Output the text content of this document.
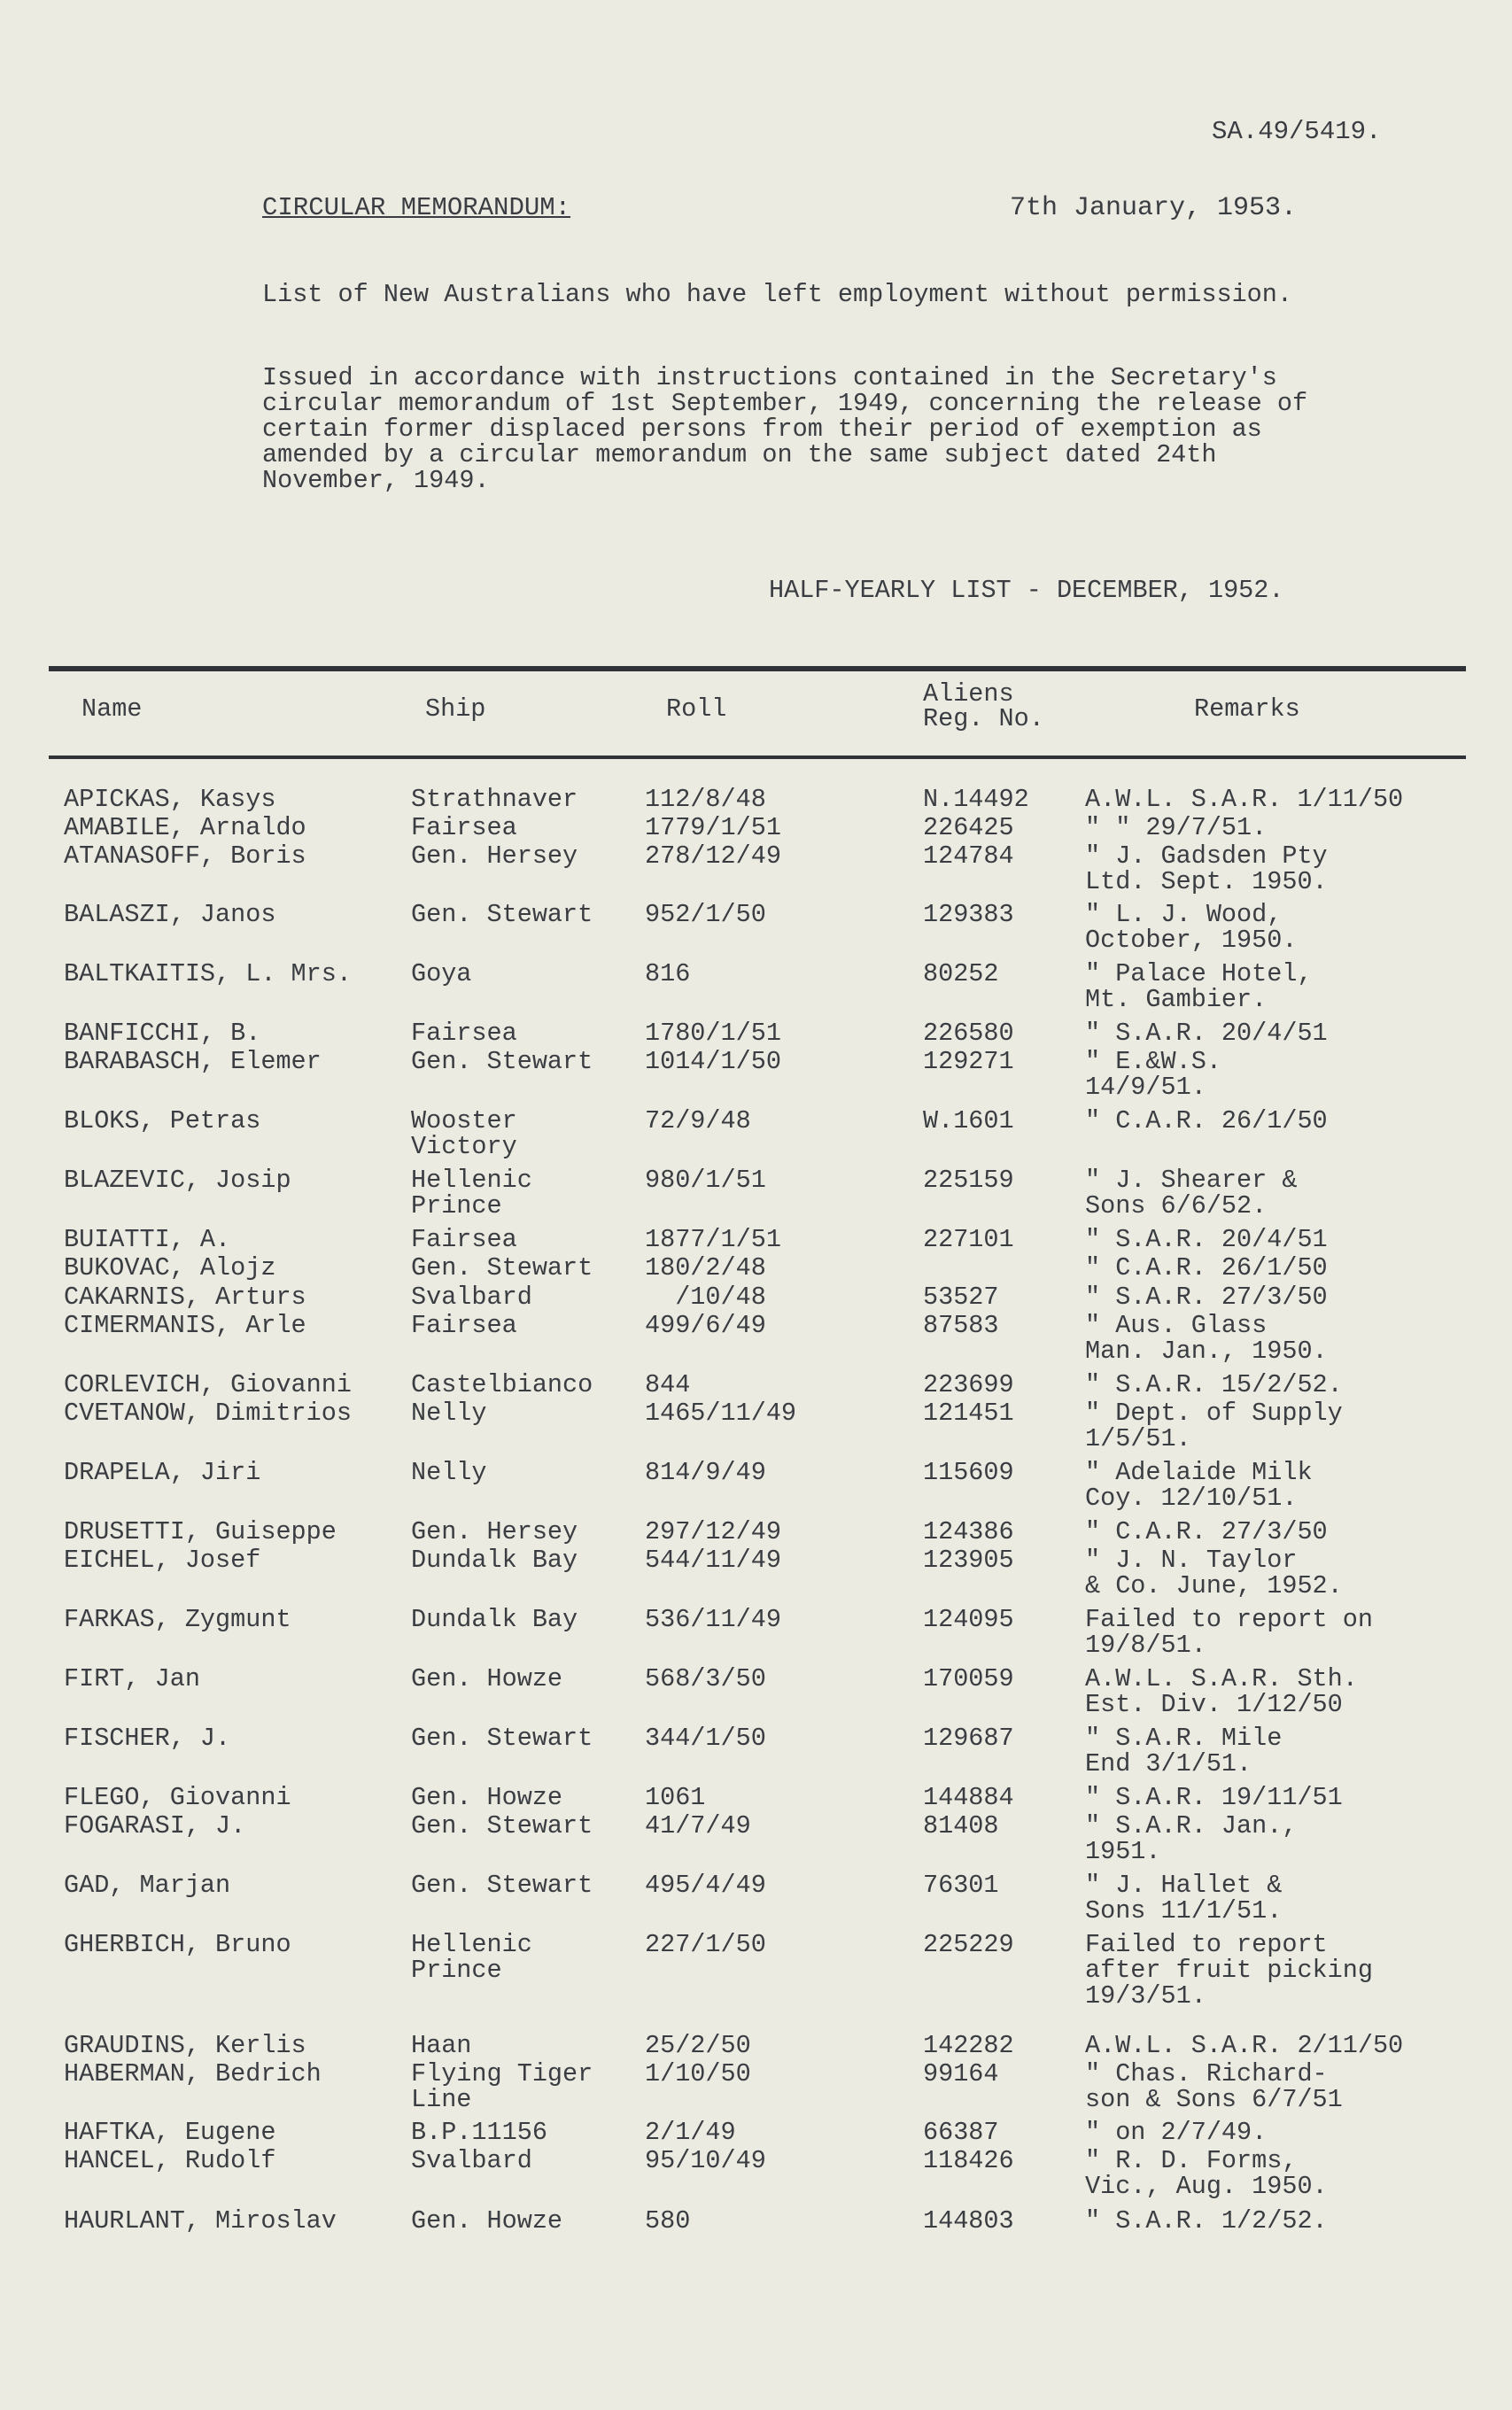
SA.49/5419.
CIRCULAR MEMORANDUM:	7th January, 1953.

List of New Australians who have left employment without permission.

Issued in accordance with instructions contained in the Secretary's circular memorandum of 1st September, 1949, concerning the release of certain former displaced persons from their period of exemption as amended by a circular memorandum on the same subject dated 24th November, 1949.

HALF-YEARLY LIST - DECEMBER, 1952.
Name	Ship	Roll
Aliens
Reg. No.	Remarks
APICKAS, Kasys	Strathnaver	112/8/48	N.14492 A.W.L. S.A.R. 1/11/50
AMABILE, Arnaldo	Fairsea	1779/1/51	226425	" " 29/7/51.
ATANASOFF, Boris	Gen. Hersey	278/12/49	124784	" J. Gadsden Pty
Ltd. Sept. 1950.
BALASZI, Janos	Gen. Stewart 952/1/50	129383	" L. J. Wood,
October, 1950.
BALTKAITIS, L. Mrs. Goya	816	80252	" Palace Hotel,
Mt. Gambier.
BANFICCHI, B.	Fairsea	1780/1/51	226580	" S.A.R. 20/4/51
BARABASCH, Elemer	Gen. Stewart 1014/1/50	129271	" E.&W.S.
14/9/51.
BLOKS, Petras	Wooster
Victory
72/9/48	W.1601	" C.A.R. 26/1/50
BLAZEVIC, Josip	Hellenic
Prince
980/1/51	225159	" J. Shearer &
Sons 6/6/52.
BUIATTI, A.	Fairsea	1877/1/51	227101	" S.A.R. 20/4/51
BUKOVAC, Alojz	Gen. Stewart 180/2/48	" C.A.R. 26/1/50
CAKARNIS, Arturs	Svalbard	/10/48	53527	" S.A.R. 27/3/50
CIMERMANIS, Arle	Fairsea	499/6/49	87583	" Aus. Glass
Man. Jan., 1950.
CORLEVICH, Giovanni Castelbianco 844	223699	" S.A.R. 15/2/52.
CVETANOW, Dimitrios Nelly	1465/11/49	121451	" Dept. of Supply
1/5/51.
DRAPELA, Jiri	Nelly	814/9/49	115609	" Adelaide Milk
Coy. 12/10/51.
DRUSETTI, Guiseppe	Gen. Hersey	297/12/49	124386	" C.A.R. 27/3/50
EICHEL, Josef	Dundalk Bay	544/11/49	123905	" J. N. Taylor
& Co. June, 1952.
FARKAS, Zygmunt	Dundalk Bay	536/11/49	124095	Failed to report on
19/8/51.
FIRT, Jan	Gen. Howze	568/3/50	170059	A.W.L. S.A.R. Sth.
Est. Div. 1/12/50
FISCHER, J.	Gen. Stewart 344/1/50	129687	" S.A.R. Mile
End 3/1/51.
FLEGO, Giovanni	Gen. Howze	1061	144884	" S.A.R. 19/11/51
FOGARASI, J.	Gen. Stewart 41/7/49	81408	" S.A.R. Jan.,
1951.
GAD, Marjan	Gen. Stewart 495/4/49	76301	" J. Hallet &
Sons 11/1/51.
GHERBICH, Bruno	Hellenic
Prince
227/1/50	225229	Failed to report
after fruit picking
19/3/51.
GRAUDINS, Kerlis	Haan	25/2/50	142282	A.W.L. S.A.R. 2/11/50
HABERMAN, Bedrich	Flying Tiger
Line
1/10/50	99164	" Chas. Richard-
son & Sons 6/7/51
HAFTKA, Eugene	B.P.11156	2/1/49	66387	" on 2/7/49.
HANCEL, Rudolf	Svalbard	95/10/49	118426	" R. D. Forms,
Vic., Aug. 1950.
HAURLANT, Miroslav	Gen. Howze	580	144803	" S.A.R. 1/2/52.
